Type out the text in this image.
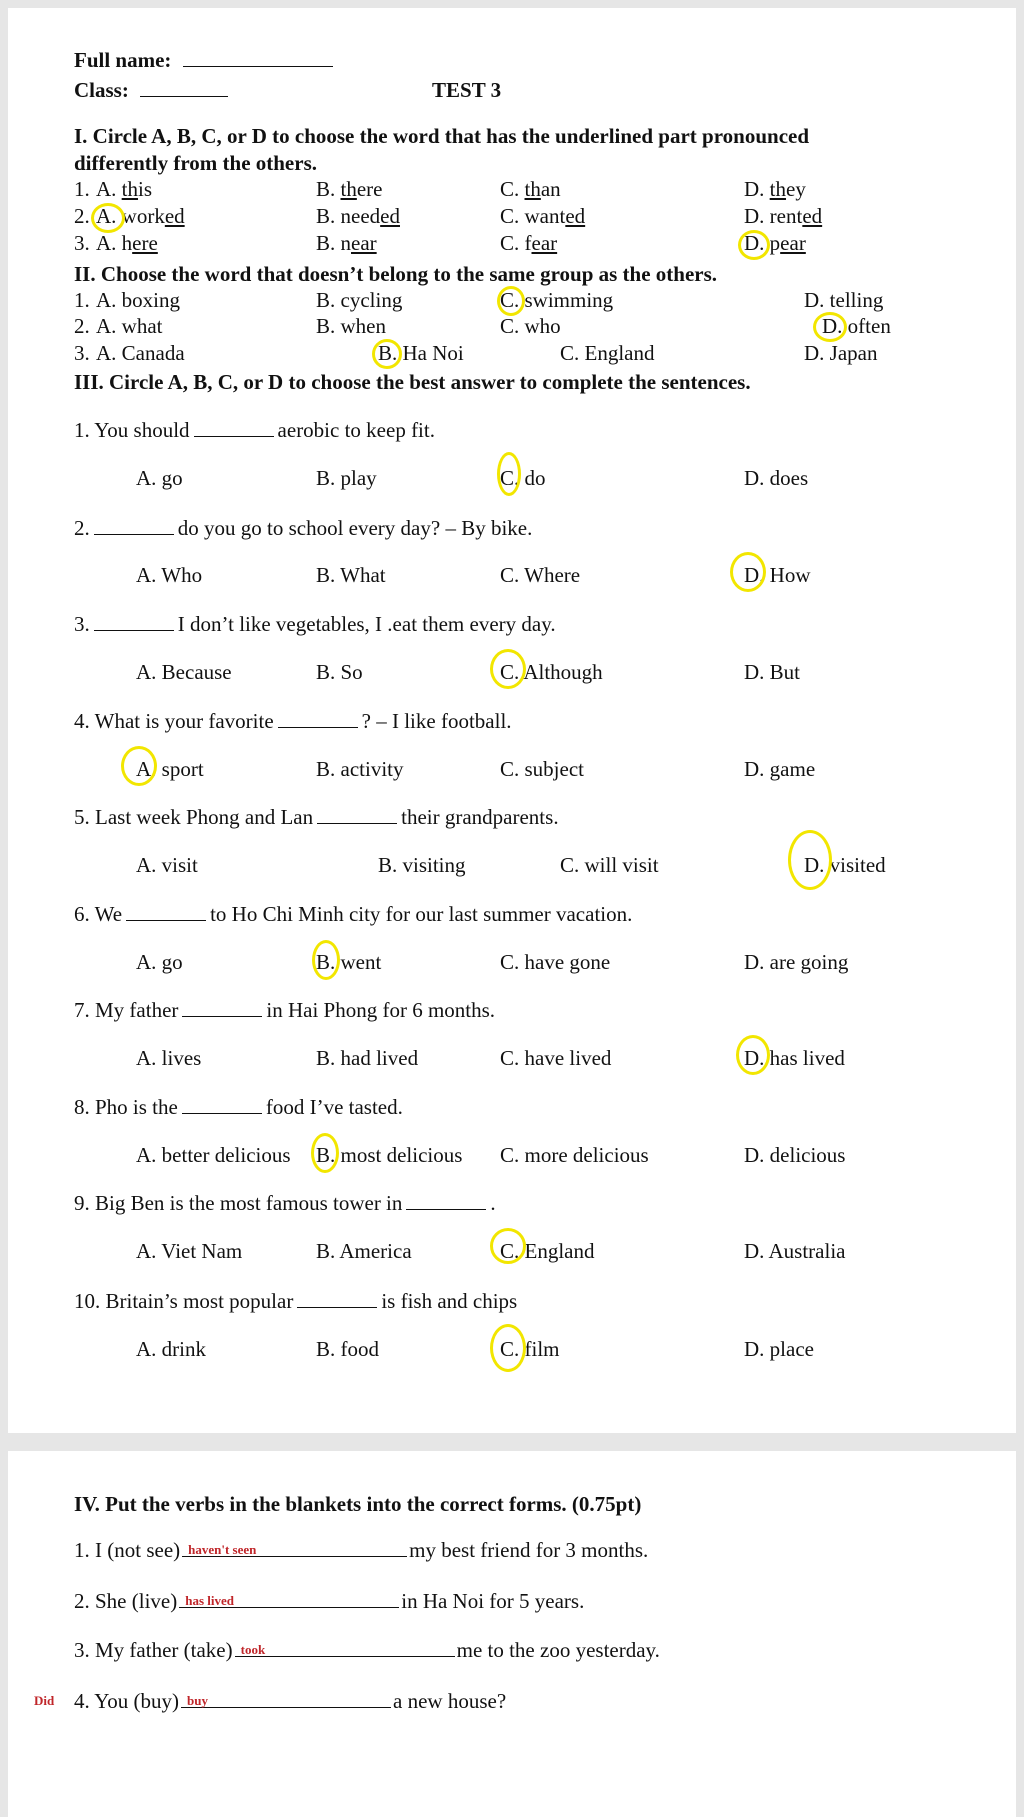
Full name:
Class:	TEST 3
I. Circle A, B, C, or D to choose the word that has the underlined part pronounced
differently from the others.
1. A. this	B. there	C. than	D. they
2. A. worked	B. needed	C. wanted	D. rented
3. A. here	B. near	C. fear	D. pear
II. Choose the word that doesn’t belong to the same group as the others.
1. A. boxing	B. cycling	C. swimming	D. telling
2. A. what	B. when	C. who	D. often
3. A. Canada	B. Ha Noi	C. England	D. Japan
III. Circle A, B, C, or D to choose the best answer to complete the sentences.
1. You should	aerobic to keep fit.
A. go	B. play	C. do	D. does
2.	do you go to school every day? – By bike.
A. Who	B. What	C. Where	D. How
3.	I don’t like vegetables, I .eat them every day.
A. Because	B. So	C. Although	D. But
4. What is your favorite	? – I like football.
A. sport	B. activity	C. subject	D. game
5. Last week Phong and Lan	their grandparents.
A. visit	B. visiting	C. will visit	D. visited
6. We	to Ho Chi Minh city for our last summer vacation.
A. go	B. went	C. have gone	D. are going
7. My father	in Hai Phong for 6 months.
A. lives	B. had lived	C. have lived	D. has lived
8. Pho is the	food I’ve tasted.
A. better delicious B. most delicious C. more delicious	D. delicious
9. Big Ben is the most famous tower in	.
A. Viet Nam	B. America	C. England	D. Australia
10. Britain’s most popular	is fish and chips
A. drink	B. food	C. film	D. place
IV. Put the verbs in the blankets into the correct forms. (0.75pt)
1. I (not see) haven't seen	my best friend for 3 months.
2. She (live) has lived	in Ha Noi for 5 years.
3. My father (take) took	me to the zoo yesterday.
4. You (buy) buy	a new house?
Did
